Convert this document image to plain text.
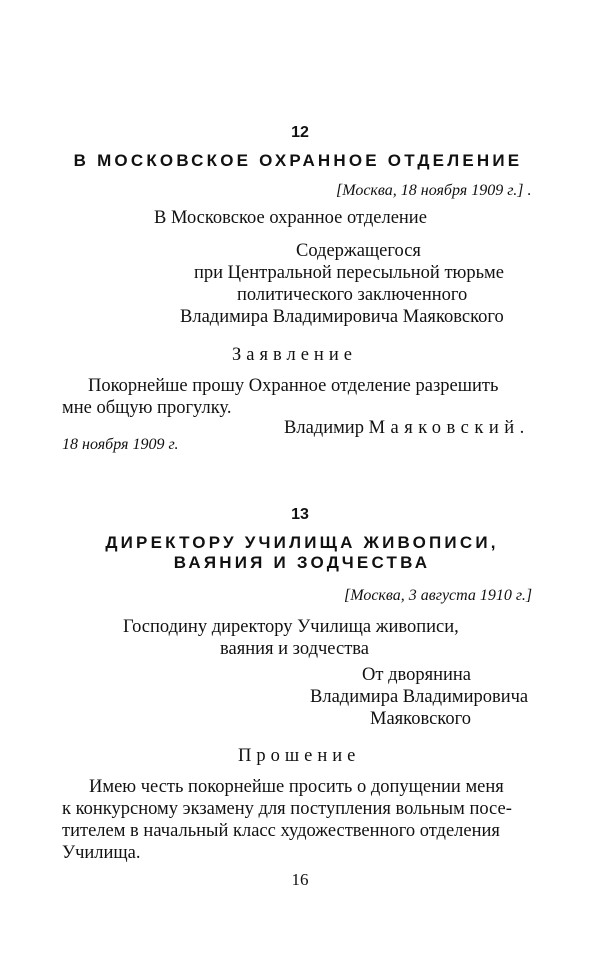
12
В МОСКОВСКОЕ ОХРАННОЕ ОТДЕЛЕНИЕ
[Москва, 18 ноября 1909 г.] .
В Московское охранное отделение
Содержащегося
при Центральной пересыльной тюрьме
политического заключенного
Владимира Владимировича Маяковского
Заявление
Покорнейше прошу Охранное отделение разрешить
мне общую прогулку.
Владимир Маяковский.
18 ноября 1909 г.
13
ДИРЕКТОРУ УЧИЛИЩА ЖИВОПИСИ,
ВАЯНИЯ И ЗОДЧЕСТВА
[Москва, 3 августа 1910 г.]
Господину директору Училища живописи,
ваяния и зодчества
От дворянина
Владимира Владимировича
Маяковского
Прошение
Имею честь покорнейше просить о допущении меня
к конкурсному экзамену для поступления вольным посе-
тителем в начальный класс художественного отделения
Училища.
16
